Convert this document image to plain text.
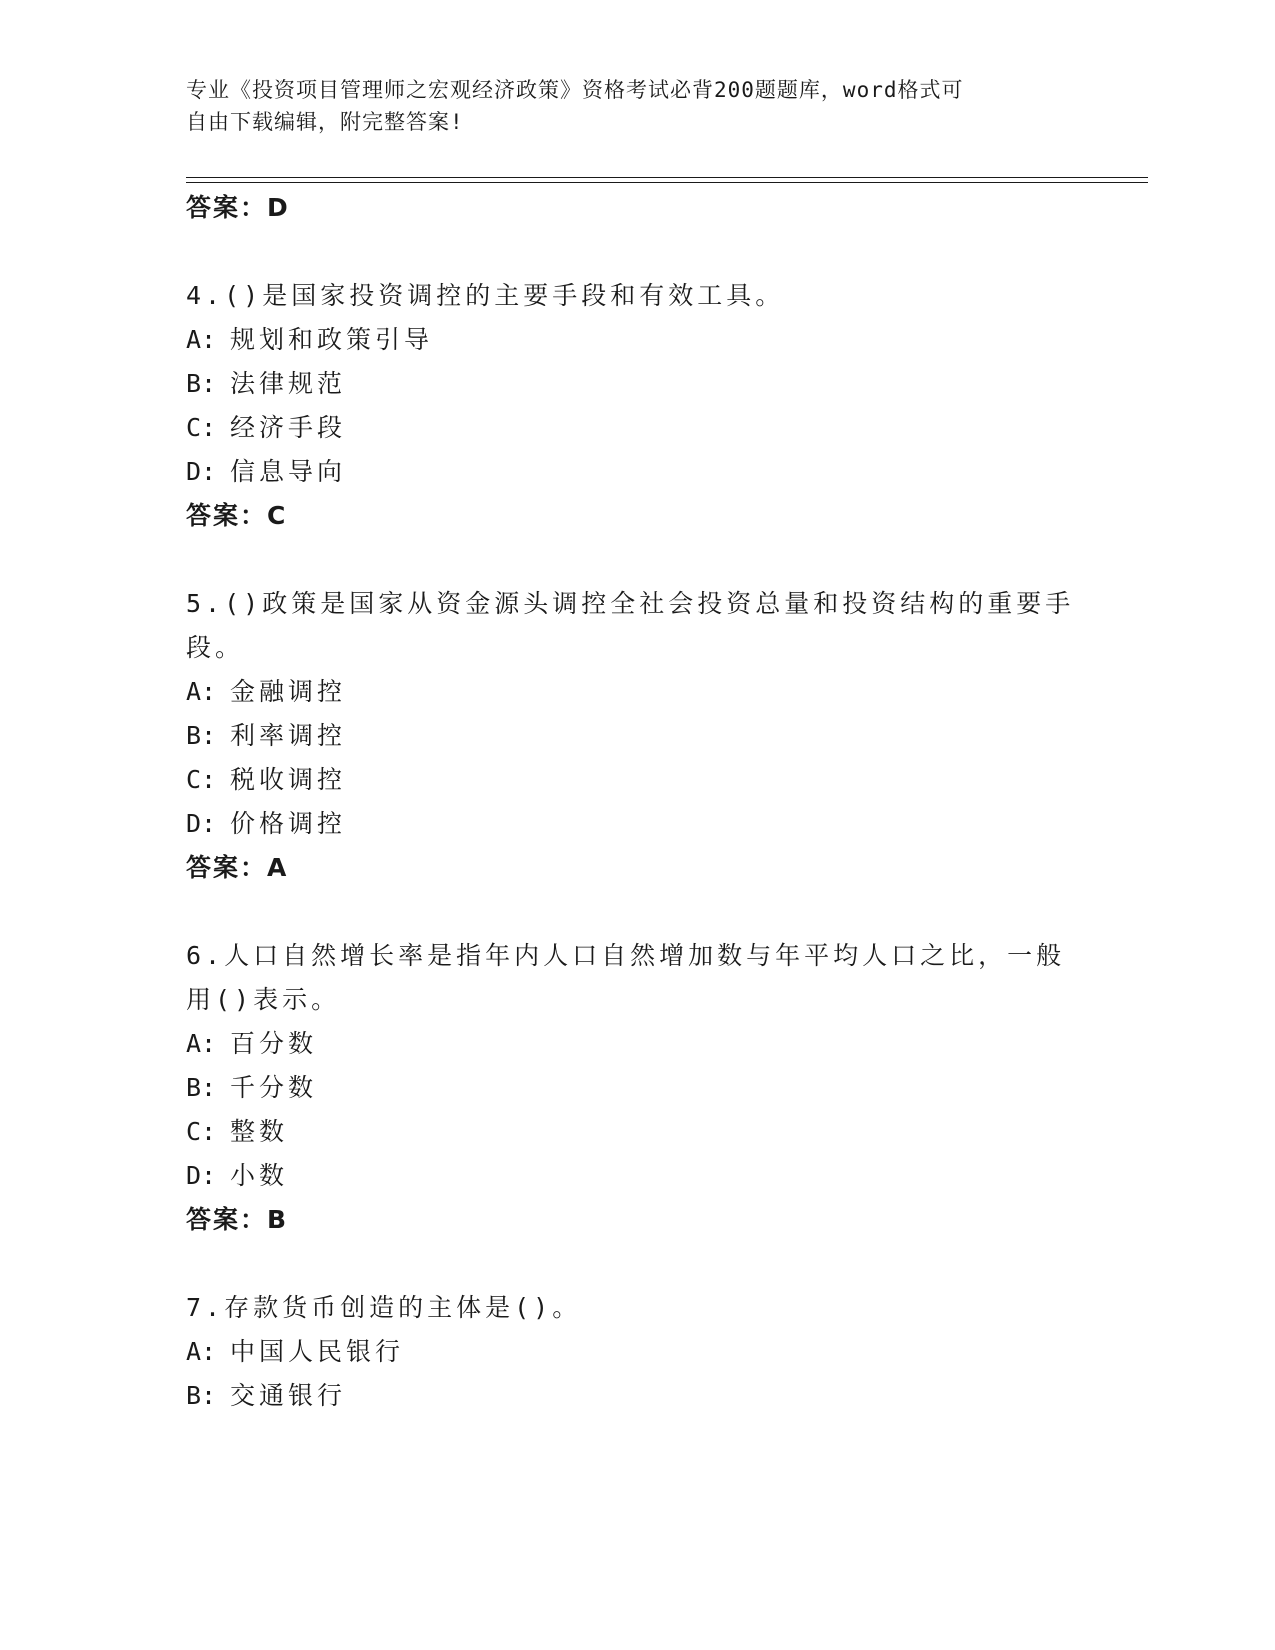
专业《投资项目管理师之宏观经济政策》资格考试必背200题题库，word格式可
自由下载编辑，附完整答案!
答案：D
4.()是国家投资调控的主要手段和有效工具。
A: 规划和政策引导
B: 法律规范
C: 经济手段
D: 信息导向
答案：C
5.()政策是国家从资金源头调控全社会投资总量和投资结构的重要手
段。
A: 金融调控
B: 利率调控
C: 税收调控
D: 价格调控
答案：A
6.人口自然增长率是指年内人口自然增加数与年平均人口之比，一般
用()表示。
A: 百分数
B: 千分数
C: 整数
D: 小数
答案：B
7.存款货币创造的主体是()。
A: 中国人民银行
B: 交通银行
